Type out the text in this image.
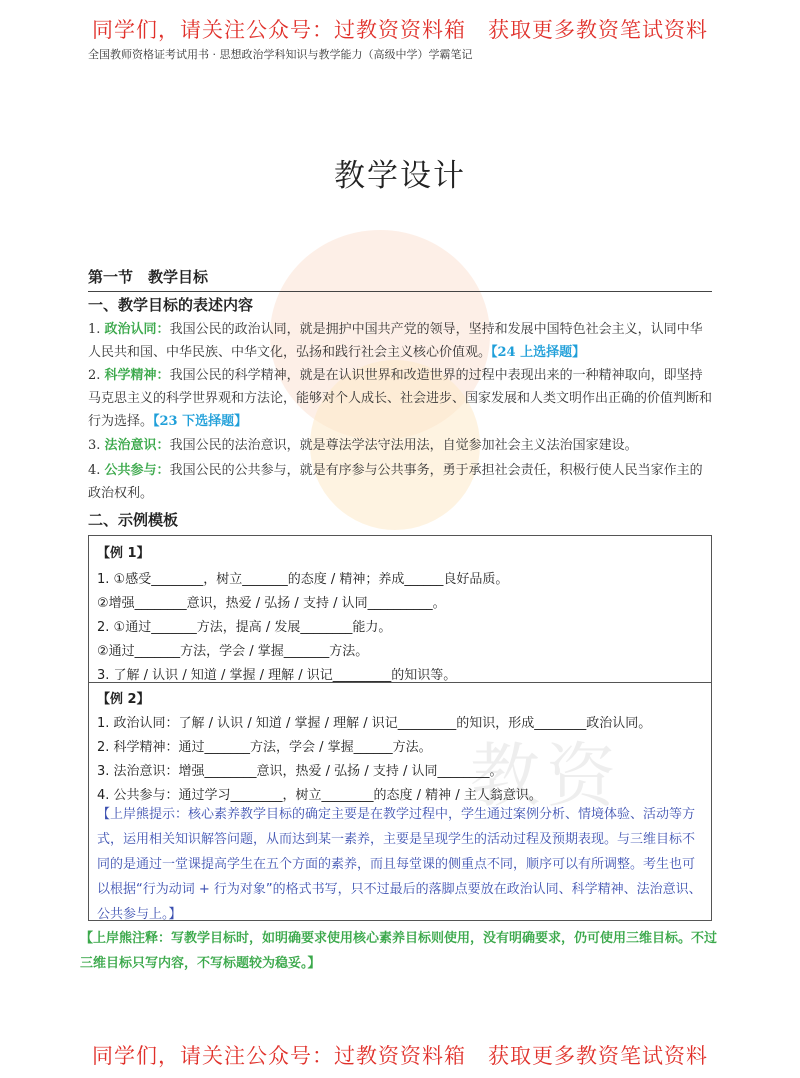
教资
同学们，请关注公众号：过教资资料箱　获取更多教资笔试资料
全国教师资格证考试用书 · 思想政治学科知识与教学能力（高级中学）学霸笔记
教学设计
第一节　教学目标
一、教学目标的表述内容
1. 政治认同：我国公民的政治认同，就是拥护中国共产党的领导，坚持和发展中国特色社会主义，认同中华人民共和国、中华民族、中华文化，弘扬和践行社会主义核心价值观。【24 上选择题】
2. 科学精神：我国公民的科学精神，就是在认识世界和改造世界的过程中表现出来的一种精神取向，即坚持马克思主义的科学世界观和方法论，能够对个人成长、社会进步、国家发展和人类文明作出正确的价值判断和行为选择。【23 下选择题】
3. 法治意识：我国公民的法治意识，就是尊法学法守法用法，自觉参加社会主义法治国家建设。
4. 公共参与：我国公民的公共参与，就是有序参与公共事务，勇于承担社会责任，积极行使人民当家作主的政治权利。
二、示例模板
【例 1】
1. ①感受________，树立_______的态度 / 精神；养成______良好品质。
②增强________意识，热爱 / 弘扬 / 支持 / 认同__________。
2. ①通过_______方法，提高 / 发展________能力。
②通过_______方法，学会 / 掌握_______方法。
3. 了解 / 认识 / 知道 / 掌握 / 理解 / 识记_________的知识等。
【例 2】
1. 政治认同：了解 / 认识 / 知道 / 掌握 / 理解 / 识记_________的知识，形成________政治认同。
2. 科学精神：通过_______方法，学会 / 掌握______方法。
3. 法治意识：增强________意识，热爱 / 弘扬 / 支持 / 认同________。
4. 公共参与：通过学习________，树立________的态度 / 精神 / 主人翁意识。
【上岸熊提示：核心素养教学目标的确定主要是在教学过程中，学生通过案例分析、情境体验、活动等方式，运用相关知识解答问题，从而达到某一素养，主要是呈现学生的活动过程及预期表现。与三维目标不同的是通过一堂课提高学生在五个方面的素养，而且每堂课的侧重点不同，顺序可以有所调整。考生也可以根据“行为动词 + 行为对象”的格式书写，只不过最后的落脚点要放在政治认同、科学精神、法治意识、公共参与上。】
【上岸熊注释：写教学目标时，如明确要求使用核心素养目标则使用，没有明确要求，仍可使用三维目标。不过三维目标只写内容，不写标题较为稳妥。】
同学们，请关注公众号：过教资资料箱　获取更多教资笔试资料
